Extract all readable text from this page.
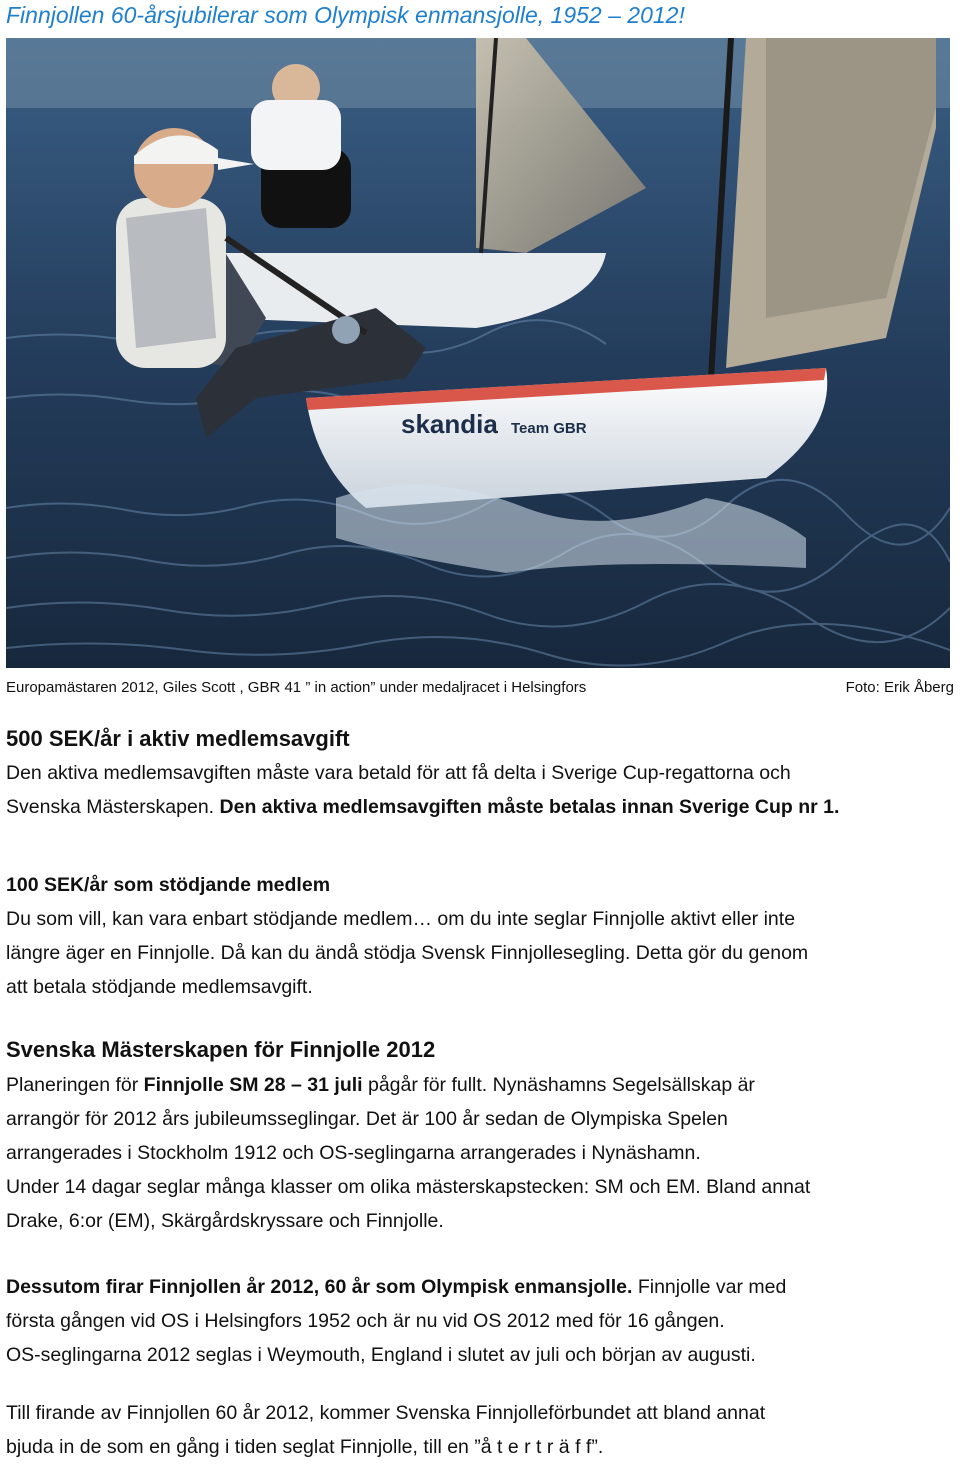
Finnjollen 60-årsjubilerar som Olympisk enmansjolle, 1952 – 2012!
skandia Team GBR
Europamästaren 2012, Giles Scott , GBR 41 ” in action” under medaljracet i Helsingfors	Foto: Erik Åberg

500 SEK/år i aktiv medlemsavgift

Den aktiva medlemsavgiften måste vara betald för att få delta i Sverige Cup-regattorna och

Svenska Mästerskapen. Den aktiva medlemsavgiften måste betalas innan Sverige Cup nr 1.

100 SEK/år som stödjande medlem

Du som vill, kan vara enbart stödjande medlem… om du inte seglar Finnjolle aktivt eller inte

längre äger en Finnjolle. Då kan du ändå stödja Svensk Finnjollesegling. Detta gör du genom

att betala stödjande medlemsavgift.

Svenska Mästerskapen för Finnjolle 2012

Planeringen för Finnjolle SM 28 – 31 juli pågår för fullt. Nynäshamns Segelsällskap är

arrangör för 2012 års jubileumsseglingar. Det är 100 år sedan de Olympiska Spelen

arrangerades i Stockholm 1912 och OS-seglingarna arrangerades i Nynäshamn.

Under 14 dagar seglar många klasser om olika mästerskapstecken: SM och EM. Bland annat

Drake, 6:or (EM), Skärgårdskryssare och Finnjolle.

Dessutom firar Finnjollen år 2012, 60 år som Olympisk enmansjolle. Finnjolle var med

första gången vid OS i Helsingfors 1952 och är nu vid OS 2012 med för 16 gången.

OS-seglingarna 2012 seglas i Weymouth, England i slutet av juli och början av augusti.

Till firande av Finnjollen 60 år 2012, kommer Svenska Finnjolleförbundet att bland annat

bjuda in de som en gång i tiden seglat Finnjolle, till en ”å t e r t r ä f f”.
